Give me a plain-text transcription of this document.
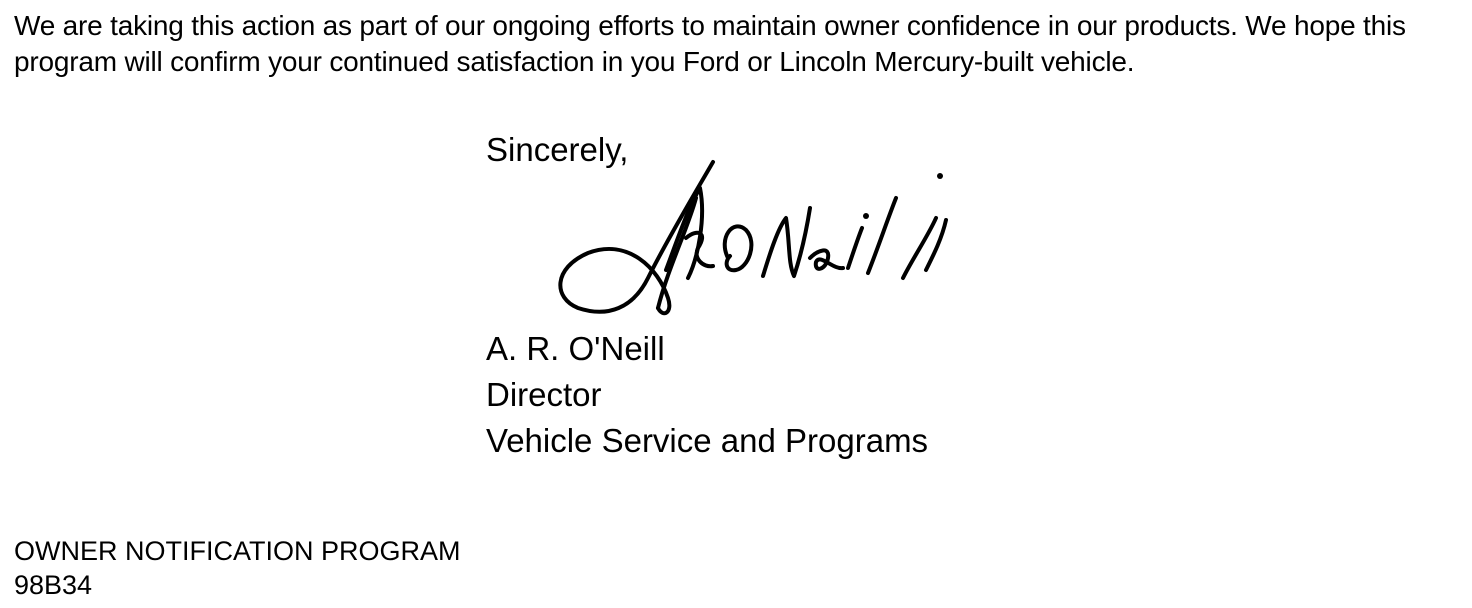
We are taking this action as part of our ongoing efforts to maintain owner confidence in our products. We hope this program will confirm your continued satisfaction in you Ford or Lincoln Mercury-built vehicle.

Sincerely,

A. R. O'Neill
Director
Vehicle Service and Programs
OWNER NOTIFICATION PROGRAM
98B34
